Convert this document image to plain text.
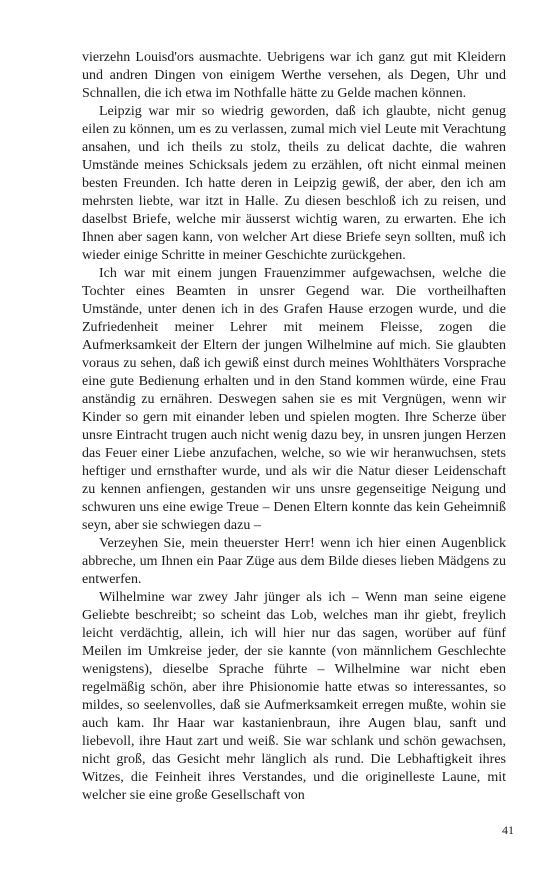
vierzehn Louisd'ors ausmachte. Uebrigens war ich ganz gut mit Kleidern und andren Dingen von einigem Werthe versehen, als Degen, Uhr und Schnallen, die ich etwa im Nothfalle hätte zu Gelde machen können.

Leipzig war mir so wiedrig geworden, daß ich glaubte, nicht genug eilen zu können, um es zu verlassen, zumal mich viel Leute mit Verachtung ansahen, und ich theils zu stolz, theils zu delicat dachte, die wahren Umstände meines Schicksals jedem zu erzählen, oft nicht einmal meinen besten Freunden. Ich hatte deren in Leipzig gewiß, der aber, den ich am mehrsten liebte, war itzt in Halle. Zu diesen beschloß ich zu reisen, und daselbst Briefe, welche mir äusserst wichtig waren, zu erwarten. Ehe ich Ihnen aber sagen kann, von welcher Art diese Briefe seyn sollten, muß ich wieder einige Schritte in meiner Geschichte zurückgehen.

Ich war mit einem jungen Frauenzimmer aufgewachsen, welche die Tochter eines Beamten in unsrer Gegend war. Die vortheilhaften Umstände, unter denen ich in des Grafen Hause erzogen wurde, und die Zufriedenheit meiner Lehrer mit meinem Fleisse, zogen die Aufmerksamkeit der Eltern der jungen Wilhelmine auf mich. Sie glaubten voraus zu sehen, daß ich gewiß einst durch meines Wohlthäters Vorsprache eine gute Bedienung erhalten und in den Stand kommen würde, eine Frau anständig zu ernähren. Deswegen sahen sie es mit Vergnügen, wenn wir Kinder so gern mit einander leben und spielen mogten. Ihre Scherze über unsre Eintracht trugen auch nicht wenig dazu bey, in unsren jungen Herzen das Feuer einer Liebe anzufachen, welche, so wie wir heranwuchsen, stets heftiger und ernsthafter wurde, und als wir die Natur dieser Leidenschaft zu kennen anfiengen, gestanden wir uns unsre gegenseitige Neigung und schwuren uns eine ewige Treue – Denen Eltern konnte das kein Geheimniß seyn, aber sie schwiegen dazu –

Verzeyhen Sie, mein theuerster Herr! wenn ich hier einen Augenblick abbreche, um Ihnen ein Paar Züge aus dem Bilde dieses lieben Mädgens zu entwerfen.

Wilhelmine war zwey Jahr jünger als ich – Wenn man seine eigene Geliebte beschreibt; so scheint das Lob, welches man ihr giebt, freylich leicht verdächtig, allein, ich will hier nur das sagen, worüber auf fünf Meilen im Umkreise jeder, der sie kannte (von männlichem Geschlechte wenigstens), dieselbe Sprache führte – Wilhelmine war nicht eben regelmäßig schön, aber ihre Phisionomie hatte etwas so interessantes, so mildes, so seelenvolles, daß sie Aufmerksamkeit erregen mußte, wohin sie auch kam. Ihr Haar war kastanienbraun, ihre Augen blau, sanft und liebevoll, ihre Haut zart und weiß. Sie war schlank und schön gewachsen, nicht groß, das Gesicht mehr länglich als rund. Die Lebhaftigkeit ihres Witzes, die Feinheit ihres Verstandes, und die originelleste Laune, mit welcher sie eine große Gesellschaft von

41
